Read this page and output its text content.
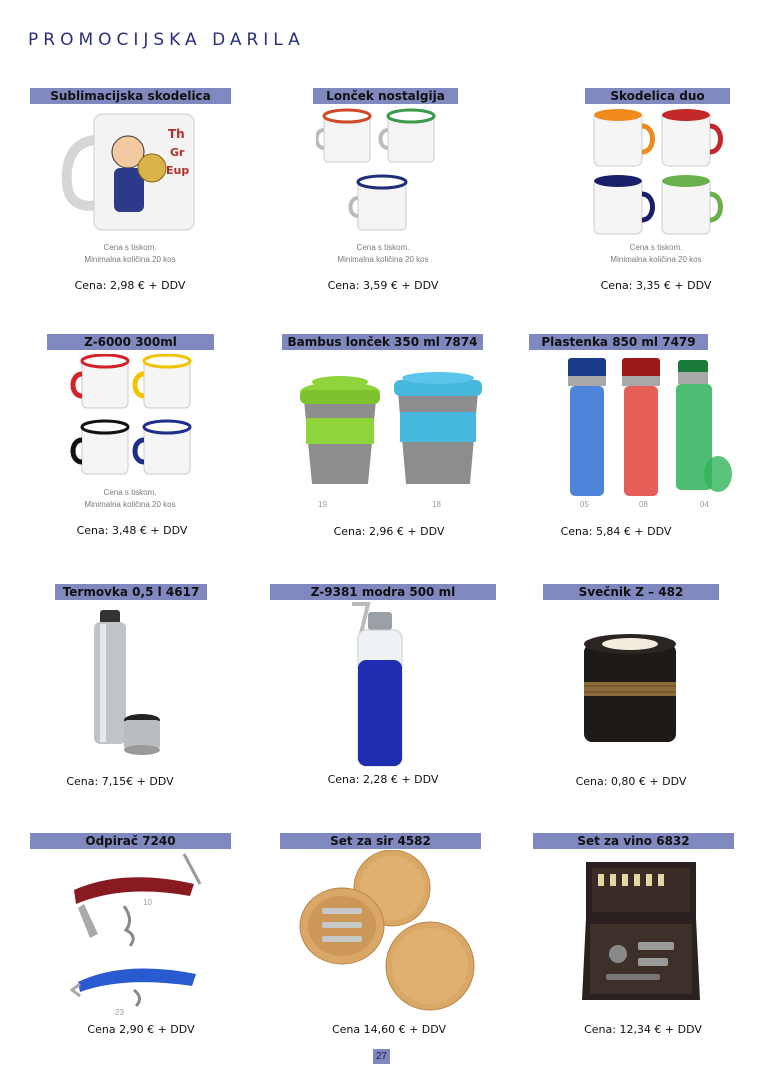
PROMOCIJSKA DARILA
Sublimacijska skodelica
Th
Gr
Eup
Cena s tiskom.
Minimalna količina 20 kos
Cena: 2,98 € + DDV
Lonček nostalgija
Cena s tiskom.
Minimalna količina 20 kos
Cena: 3,59 € + DDV
Skodelica duo
Cena s tiskom.
Minimalna količina 20 kos
Cena: 3,35 € + DDV
Z-6000 300ml
Cena s tiskom.
Minimalna količina 20 kos
Cena: 3,48 € + DDV
Bambus lonček 350 ml 7874
19	18
Cena: 2,96 € + DDV
Plastenka 850 ml 7479
05	08	04
Cena: 5,84 € + DDV
Termovka 0,5 l 4617
Cena: 7,15€ + DDV
Z-9381 modra 500 ml
Cena: 2,28 € + DDV
Svečnik Z – 482
Cena: 0,80 € + DDV
Odpirač 7240
10
23
Cena 2,90 € + DDV
Set za sir 4582
Cena 14,60 € + DDV
Set za vino 6832
Cena: 12,34 € + DDV
27
